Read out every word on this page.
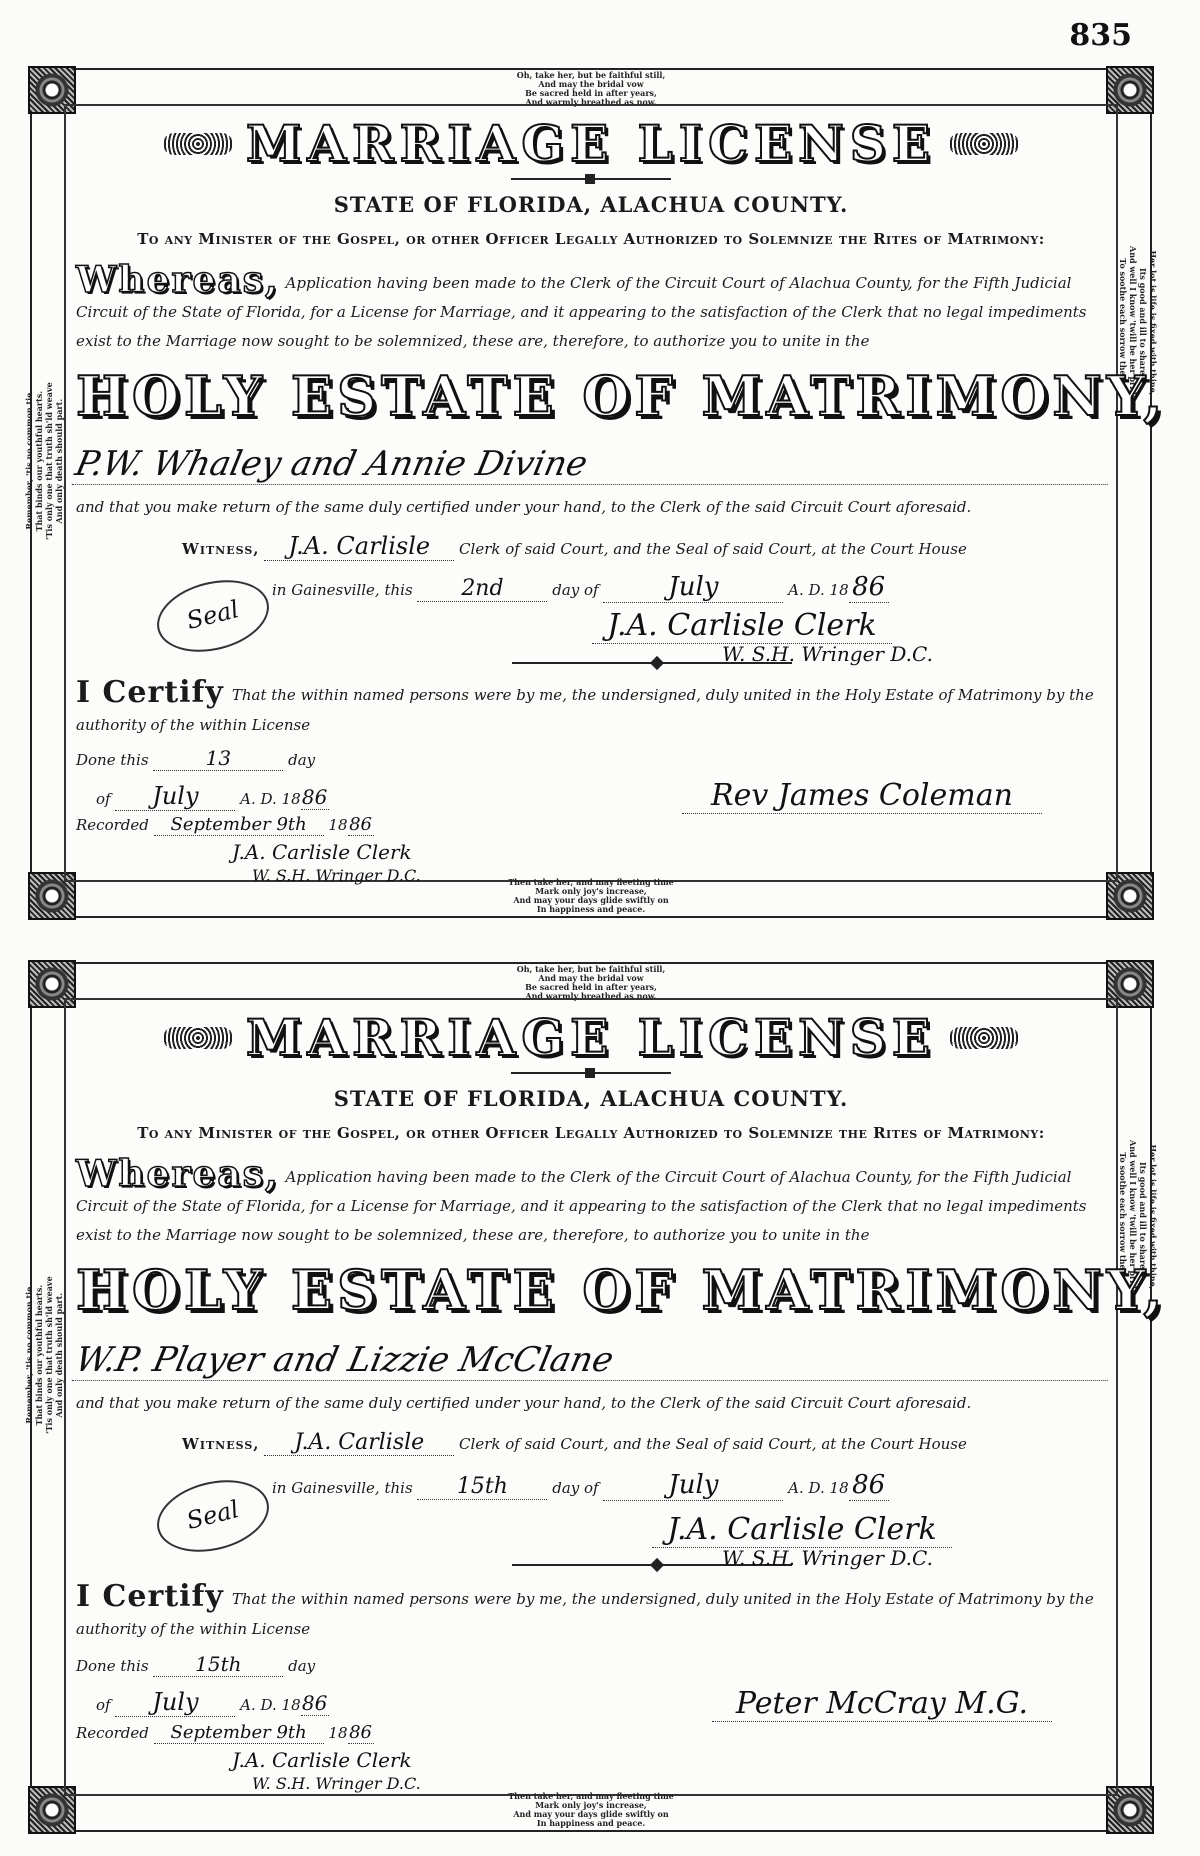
835
Oh, take her, but be faithful still,
And may the bridal vow
Be sacred held in after years,
And warmly breathed as now.
Remember, 'tis no common tie That binds our youthful hearts. 'Tis only one that truth sh'ld weave And only death should part.
Her lot is life is fixed with thine,
Its good and ill to share,
And well I know 'twill be her pride
To soothe each sorrow there.
MARRIAGE LICENSE
STATE OF FLORIDA, ALACHUA COUNTY.
To any Minister of the Gospel, or other Officer Legally Authorized to Solemnize the Rites of Matrimony:
Whereas, Application having been made to the Clerk of the Circuit Court of Alachua County, for the Fifth Judicial Circuit of the State of Florida, for a License for Marriage, and it appearing to the satisfaction of the Clerk that no legal impediments exist to the Marriage now sought to be solemnized, these are, therefore, to authorize you to unite in the
HOLY ESTATE OF MATRIMONY,
P.W. Whaley and Annie Divine
and that you make return of the same duly certified under your hand, to the Clerk of the said Circuit Court aforesaid.
Witness, J.A. Carlisle Clerk of said Court, and the Seal of said Court, at the Court House
in Gainesville, this 2nd	day of	July	A. D. 18 86
Seal	J.A. Carlisle Clerk
W. S.H. Wringer D.C.
I Certify That the within named persons were by me, the undersigned, duly united in the Holy Estate of Matrimony by the authority of the within License
Done this	13	day
of July	A. D. 1886
Recorded September 9th 1886
J.A. Carlisle Clerk
W. S.H. Wringer D.C.
Rev James Coleman
Then take her, and may fleeting time
Mark only joy's increase,
And may your days glide swiftly on
In happiness and peace.
Oh, take her, but be faithful still,
And may the bridal vow
Be sacred held in after years,
And warmly breathed as now.
Remember, 'tis no common tie That binds our youthful hearts. 'Tis only one that truth sh'ld weave And only death should part.
Her lot is life is fixed with thine,
Its good and ill to share,
And well I know 'twill be her pride
To soothe each sorrow there.
MARRIAGE LICENSE
STATE OF FLORIDA, ALACHUA COUNTY.
To any Minister of the Gospel, or other Officer Legally Authorized to Solemnize the Rites of Matrimony:
Whereas, Application having been made to the Clerk of the Circuit Court of Alachua County, for the Fifth Judicial Circuit of the State of Florida, for a License for Marriage, and it appearing to the satisfaction of the Clerk that no legal impediments exist to the Marriage now sought to be solemnized, these are, therefore, to authorize you to unite in the
HOLY ESTATE OF MATRIMONY,
W.P. Player and Lizzie McClane
and that you make return of the same duly certified under your hand, to the Clerk of the said Circuit Court aforesaid.
Witness, J.A. Carlisle Clerk of said Court, and the Seal of said Court, at the Court House
in Gainesville, this 15th	day of	July	A. D. 18 86
Seal	J.A. Carlisle Clerk
W. S.H. Wringer D.C.
I Certify That the within named persons were by me, the undersigned, duly united in the Holy Estate of Matrimony by the authority of the within License
Done this 15th	day
of July	A. D. 1886
Recorded September 9th 1886
J.A. Carlisle Clerk
W. S.H. Wringer D.C.
Peter McCray M.G.
Then take her, and may fleeting time
Mark only joy's increase,
And may your days glide swiftly on
In happiness and peace.
